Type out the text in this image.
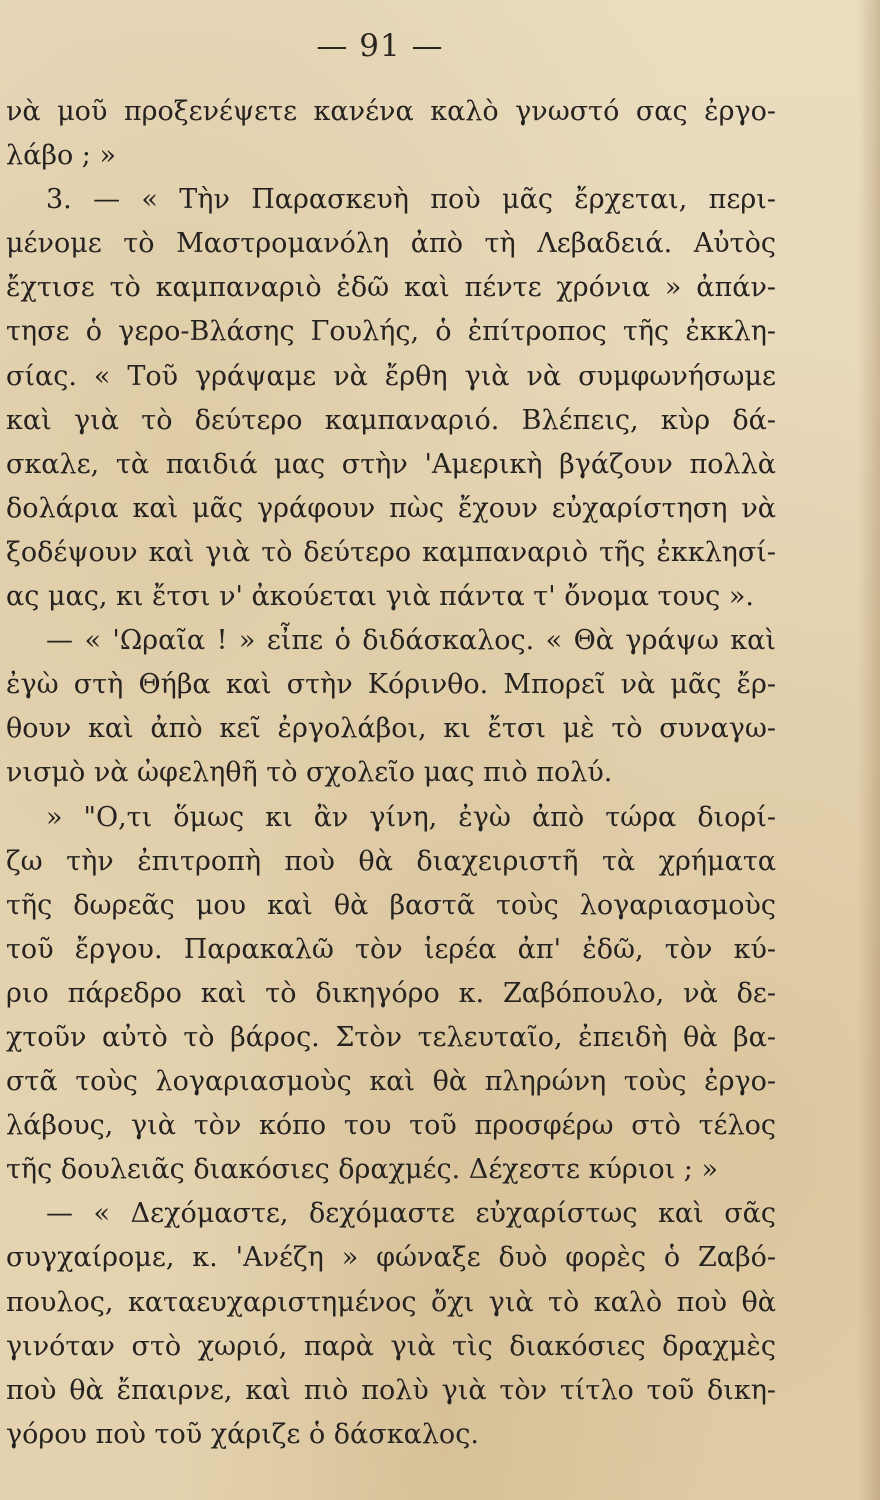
— 91 —
νὰ μοῦ προξενέψετε κανένα καλὸ γνωστό σας ἐργο-
λάβο ; »
3. — « Τὴν Παρασκευὴ ποὺ μᾶς ἔρχεται, περι-
μένομε τὸ Μαστρομανόλη ἀπὸ τὴ Λεβαδειά. Αὐτὸς
ἔχτισε τὸ καμπαναριὸ ἐδῶ καὶ πέντε χρόνια » ἀπάν-
τησε ὁ γερο-Βλάσης Γουλής, ὁ ἐπίτροπος τῆς ἐκκλη-
σίας. « Τοῦ γράψαμε νὰ ἔρθη γιὰ νὰ συμφωνήσωμε
καὶ γιὰ τὸ δεύτερο καμπαναριό. Βλέπεις, κὺρ δά-
σκαλε, τὰ παιδιά μας στὴν 'Αμερικὴ βγάζουν πολλὰ
δολάρια καὶ μᾶς γράφουν πὼς ἔχουν εὐχαρίστηση νὰ
ξοδέψουν καὶ γιὰ τὸ δεύτερο καμπαναριὸ τῆς ἐκκλησί-
ας μας, κι ἔτσι ν' ἀκούεται γιὰ πάντα τ' ὄνομα τους ».
— « 'Ωραῖα ! » εἶπε ὁ διδάσκαλος. « Θὰ γράψω καὶ
ἐγὼ στὴ Θήβα καὶ στὴν Κόρινθο. Μπορεῖ νὰ μᾶς ἔρ-
θουν καὶ ἀπὸ κεῖ ἐργολάβοι, κι ἔτσι μὲ τὸ συναγω-
νισμὸ νὰ ὠφεληθῆ τὸ σχολεῖο μας πιὸ πολύ.
» "Ο,τι ὅμως κι ἂν γίνη, ἐγὼ ἀπὸ τώρα διορί-
ζω τὴν ἐπιτροπὴ ποὺ θὰ διαχειριστῆ τὰ χρήματα
τῆς δωρεᾶς μου καὶ θὰ βαστᾶ τοὺς λογαριασμοὺς
τοῦ ἔργου. Παρακαλῶ τὸν ἱερέα ἀπ' ἐδῶ, τὸν κύ-
ριο πάρεδρο καὶ τὸ δικηγόρο κ. Ζαβόπουλο, νὰ δε-
χτοῦν αὐτὸ τὸ βάρος. Στὸν τελευταῖο, ἐπειδὴ θὰ βα-
στᾶ τοὺς λογαριασμοὺς καὶ θὰ πληρώνη τοὺς ἐργο-
λάβους, γιὰ τὸν κόπο του τοῦ προσφέρω στὸ τέλος
τῆς δουλειᾶς διακόσιες δραχμές. Δέχεστε κύριοι ; »
— « Δεχόμαστε, δεχόμαστε εὐχαρίστως καὶ σᾶς
συγχαίρομε, κ. 'Ανέζη » φώναξε δυὸ φορὲς ὁ Ζαβό-
πουλος, καταευχαριστημένος ὄχι γιὰ τὸ καλὸ ποὺ θὰ
γινόταν στὸ χωριό, παρὰ γιὰ τὶς διακόσιες δραχμὲς
ποὺ θὰ ἔπαιρνε, καὶ πιὸ πολὺ γιὰ τὸν τίτλο τοῦ δικη-
γόρου ποὺ τοῦ χάριζε ὁ δάσκαλος.
